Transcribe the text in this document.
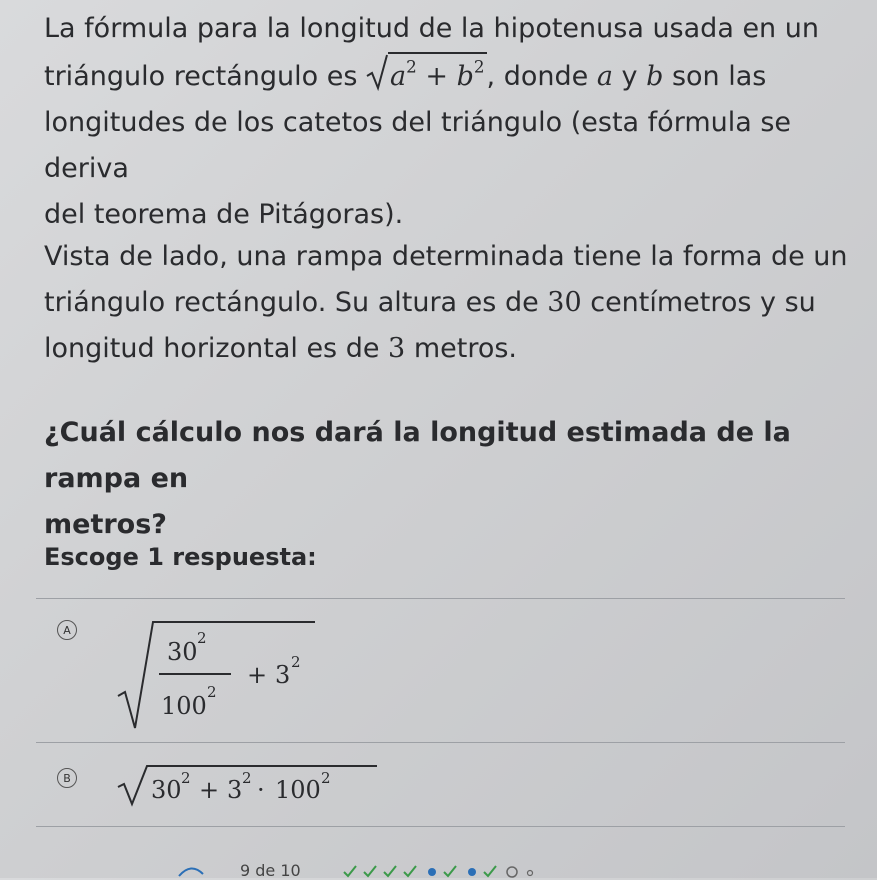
La fórmula para la longitud de la hipotenusa usada en un
triángulo rectángulo es
$a^2 + b^2$, donde a y b son las
longitudes de los catetos del triángulo (esta fórmula se deriva
del teorema de Pitágoras).
Vista de lado, una rampa determinada tiene la forma de un
triángulo rectángulo. Su altura es de 30 centímetros y su
longitud horizontal es de 3 metros.
¿Cuál cálculo nos dará la longitud estimada de la rampa en
metros?
Escoge 1 respuesta:
A
30 2
100 2
+ 3 2
B	30 2 + 3 2 · 100 2
9 de 10
